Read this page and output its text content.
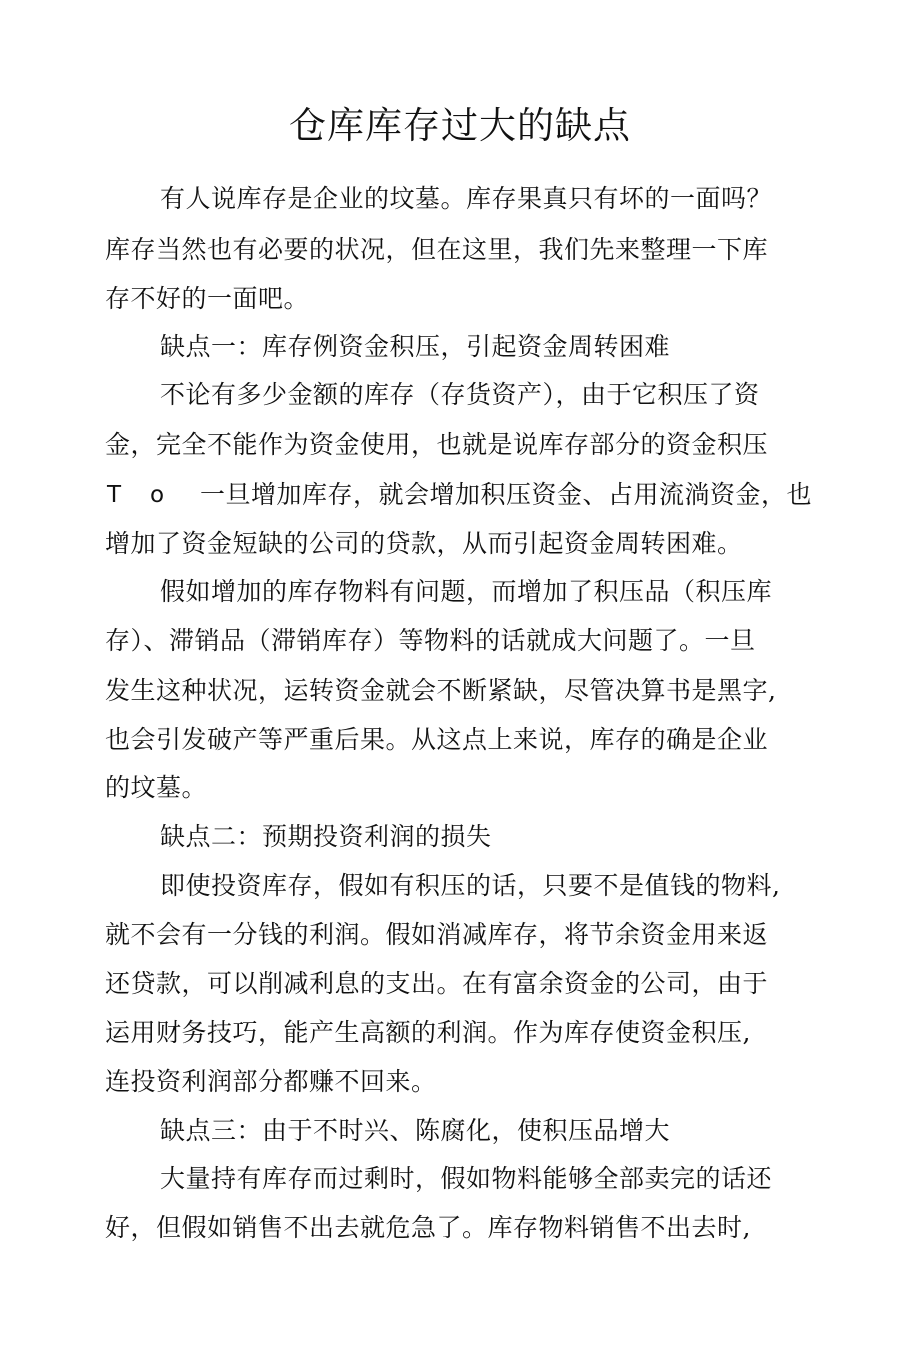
仓库库存过大的缺点
有人说库存是企业的坟墓。库存果真只有坏的一面吗？
库存当然也有必要的状况，但在这里，我们先来整理一下库
存不好的一面吧。
缺点一：库存例资金积压，引起资金周转困难
不论有多少金额的库存（存货资产），由于它积压了资
金，完全不能作为资金使用，也就是说库存部分的资金积压
T o 一旦增加库存，就会增加积压资金、占用流淌资金，也
增加了资金短缺的公司的贷款，从而引起资金周转困难。
假如增加的库存物料有问题，而增加了积压品（积压库
存）、滞销品（滞销库存）等物料的话就成大问题了。一旦
发生这种状况，运转资金就会不断紧缺，尽管决算书是黑字,
也会引发破产等严重后果。从这点上来说，库存的确是企业
的坟墓。
缺点二：预期投资利润的损失
即使投资库存，假如有积压的话，只要不是值钱的物料,
就不会有一分钱的利润。假如消减库存，将节余资金用来返
还贷款，可以削减利息的支出。在有富余资金的公司，由于
运用财务技巧，能产生高额的利润。作为库存使资金积压,
连投资利润部分都赚不回来。
缺点三：由于不时兴、陈腐化，使积压品增大
大量持有库存而过剩时，假如物料能够全部卖完的话还
好，但假如销售不出去就危急了。库存物料销售不出去时,
